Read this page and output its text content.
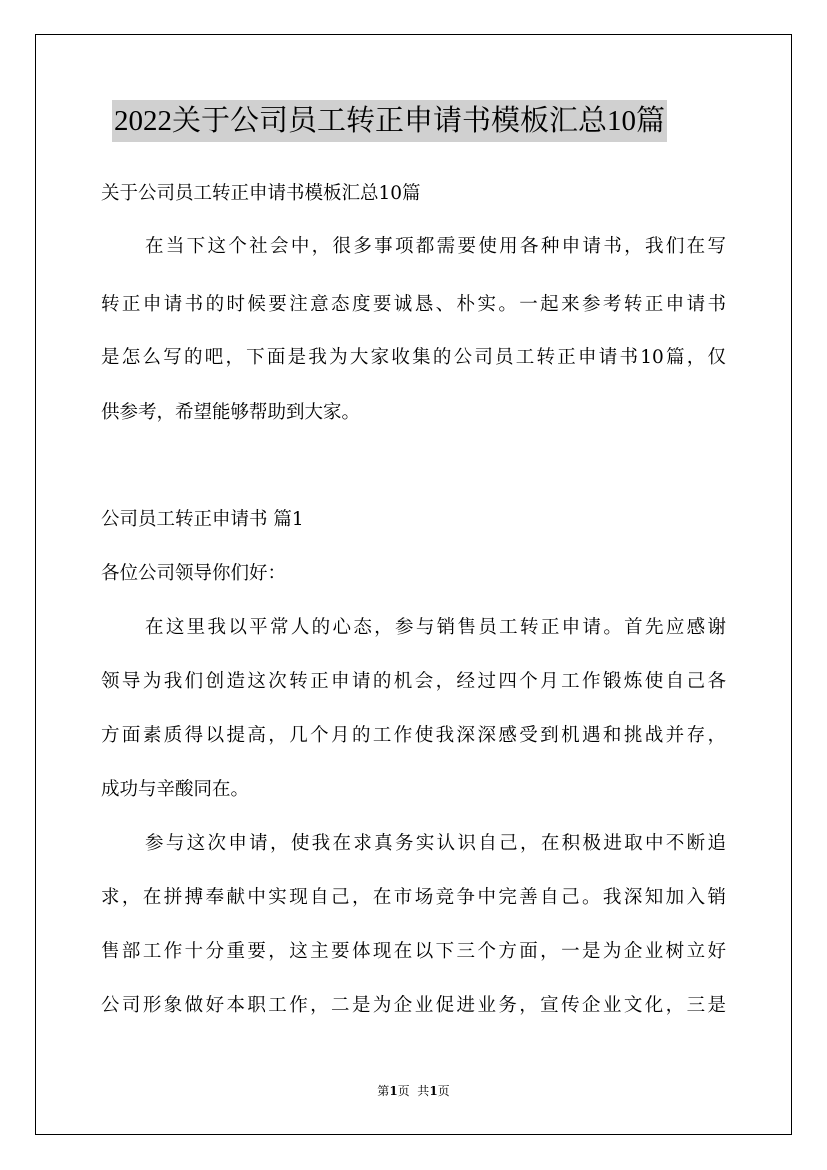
2022关于公司员工转正申请书模板汇总10篇
关于公司员工转正申请书模板汇总10篇
在当下这个社会中，很多事项都需要使用各种申请书，我们在写
转正申请书的时候要注意态度要诚恳、朴实。一起来参考转正申请书
是怎么写的吧，下面是我为大家收集的公司员工转正申请书10篇，仅
供参考，希望能够帮助到大家。
公司员工转正申请书 篇1
各位公司领导你们好：
在这里我以平常人的心态，参与销售员工转正申请。首先应感谢
领导为我们创造这次转正申请的机会，经过四个月工作锻炼使自己各
方面素质得以提高，几个月的工作使我深深感受到机遇和挑战并存，
成功与辛酸同在。
参与这次申请，使我在求真务实认识自己，在积极进取中不断追
求，在拼搏奉献中实现自己，在市场竞争中完善自己。我深知加入销
售部工作十分重要，这主要体现在以下三个方面，一是为企业树立好
公司形象做好本职工作，二是为企业促进业务，宣传企业文化，三是
第1页  共1页
